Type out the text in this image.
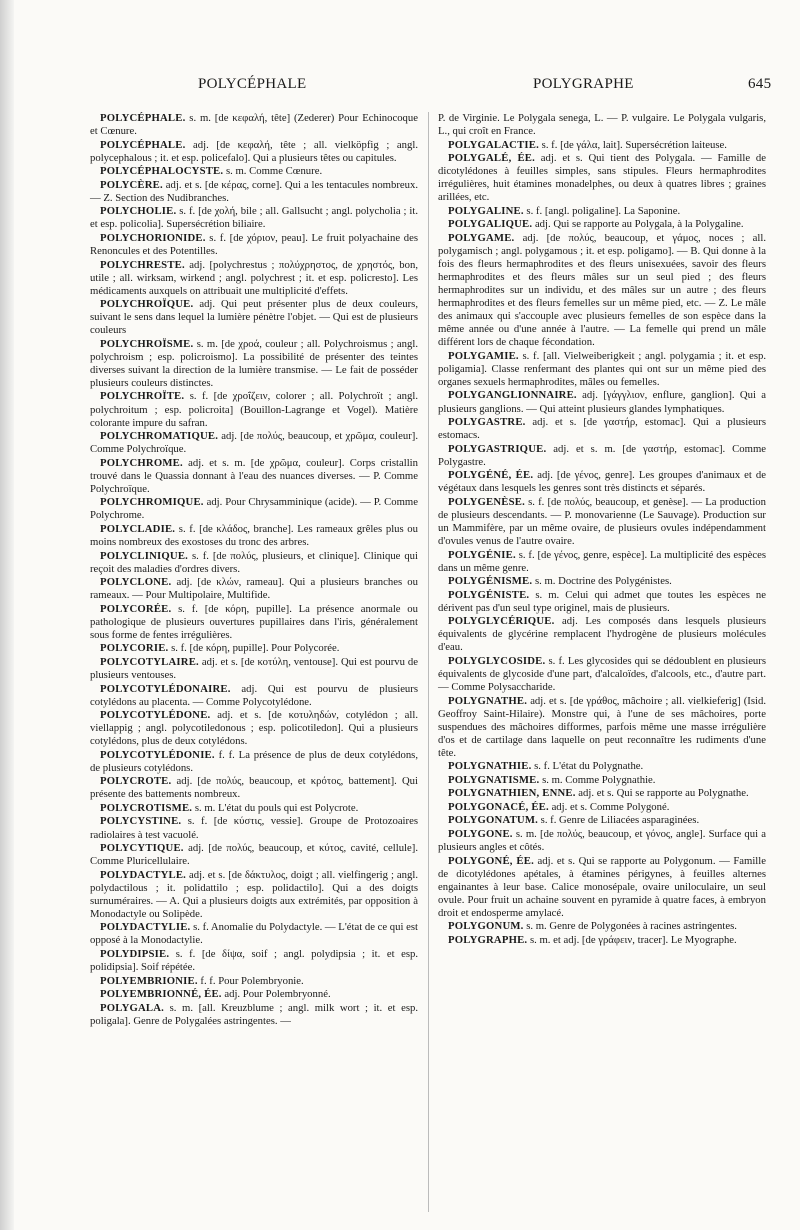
POLYCÉPHALE	POLYGRAPHE	645

POLYCÉPHALE. s. m. [de κεφαλή, tête] (Zederer) Pour Echinocoque et Cœnure.

POLYCÉPHALE. adj. [de κεφαλή, tête ; all. vielköpfig ; angl. polycephalous ; it. et esp. policefalo]. Qui a plusieurs têtes ou capitules.

POLYCÉPHALOCYSTE. s. m. Comme Cœnure.

POLYCÈRE. adj. et s. [de κέρας, corne]. Qui a les tentacules nombreux. — Z. Section des Nudibranches.

POLYCHOLIE. s. f. [de χολή, bile ; all. Gallsucht ; angl. polycholia ; it. et esp. policolia]. Supersécrétion biliaire.

POLYCHORIONIDE. s. f. [de χόριον, peau]. Le fruit polyachaine des Renoncules et des Potentilles.

POLYCHRESTE. adj. [polychrestus ; πολύχρηστος, de χρηστός, bon, utile ; all. wirksam, wirkend ; angl. polychrest ; it. et esp. policresto]. Les médicaments auxquels on attribuait une multiplicité d'effets.

POLYCHROÏQUE. adj. Qui peut présenter plus de deux couleurs, suivant le sens dans lequel la lumière pénètre l'objet. — Qui est de plusieurs couleurs

POLYCHROÏSME. s. m. [de χροά, couleur ; all. Polychroismus ; angl. polychroism ; esp. policroismo]. La possibilité de présenter des teintes diverses suivant la direction de la lumière transmise. — Le fait de posséder plusieurs couleurs distinctes.

POLYCHROÏTE. s. f. [de χροΐζειν, colorer ; all. Polychroït ; angl. polychroitum ; esp. policroita] (Bouillon-Lagrange et Vogel). Matière colorante impure du safran.

POLYCHROMATIQUE. adj. [de πολύς, beaucoup, et χρῶμα, couleur]. Comme Polychroïque.

POLYCHROME. adj. et s. m. [de χρῶμα, couleur]. Corps cristallin trouvé dans le Quassia donnant à l'eau des nuances diverses. — P. Comme Polychroïque.

POLYCHROMIQUE. adj. Pour Chrysamminique (acide). — P. Comme Polychrome.

POLYCLADIE. s. f. [de κλάδος, branche]. Les rameaux grêles plus ou moins nombreux des exostoses du tronc des arbres.

POLYCLINIQUE. s. f. [de πολύς, plusieurs, et clinique]. Clinique qui reçoit des maladies d'ordres divers.

POLYCLONE. adj. [de κλών, rameau]. Qui a plusieurs branches ou rameaux. — Pour Multipolaire, Multifide.

POLYCORÉE. s. f. [de κόρη, pupille]. La présence anormale ou pathologique de plusieurs ouvertures pupillaires dans l'iris, généralement sous forme de fentes irrégulières.

POLYCORIE. s. f. [de κόρη, pupille]. Pour Polycorée.

POLYCOTYLAIRE. adj. et s. [de κοτύλη, ventouse]. Qui est pourvu de plusieurs ventouses.

POLYCOTYLÉDONAIRE. adj. Qui est pourvu de plusieurs cotylédons au placenta. — Comme Polycotylédone.

POLYCOTYLÉDONE. adj. et s. [de κοτυληδών, cotylédon ; all. viellappig ; angl. polycotiledonous ; esp. policotiledon]. Qui a plusieurs cotylédons, plus de deux cotylédons.

POLYCOTYLÉDONIE. f. f. La présence de plus de deux cotylédons, de plusieurs cotylédons.

POLYCROTE. adj. [de πολύς, beaucoup, et κρότος, battement]. Qui présente des battements nombreux.

POLYCROTISME. s. m. L'état du pouls qui est Polycrote.

POLYCYSTINE. s. f. [de κύστις, vessie]. Groupe de Protozoaires radiolaires à test vacuolé.

POLYCYTIQUE. adj. [de πολύς, beaucoup, et κύτος, cavité, cellule]. Comme Pluricellulaire.

POLYDACTYLE. adj. et s. [de δάκτυλος, doigt ; all. vielfingerig ; angl. polydactilous ; it. polidattilo ; esp. polidactilo]. Qui a des doigts surnuméraires. — A. Qui a plusieurs doigts aux extrémités, par opposition à Monodactyle ou Solipède.

POLYDACTYLIE. s. f. Anomalie du Polydactyle. — L'état de ce qui est opposé à la Monodactylie.

POLYDIPSIE. s. f. [de δίψα, soif ; angl. polydipsia ; it. et esp. polidipsia]. Soif répétée.

POLYEMBRIONIE. f. f. Pour Polembryonie.

POLYEMBRIONNÉ, ÉE. adj. Pour Polembryonné.

POLYGALA. s. m. [all. Kreuzblume ; angl. milk wort ; it. et esp. poligala]. Genre de Polygalées astringentes. —

P. de Virginie. Le Polygala senega, L. — P. vulgaire. Le Polygala vulgaris, L., qui croît en France.

POLYGALACTIE. s. f. [de γάλα, lait]. Supersécrétion laiteuse.

POLYGALÉ, ÉE. adj. et s. Qui tient des Polygala. — Famille de dicotylédones à feuilles simples, sans stipules. Fleurs hermaphrodites irrégulières, huit étamines monadelphes, ou deux à quatres libres ; graines arillées, etc.

POLYGALINE. s. f. [angl. poligaline]. La Saponine.

POLYGALIQUE. adj. Qui se rapporte au Polygala, à la Polygaline.

POLYGAME. adj. [de πολύς, beaucoup, et γάμος, noces ; all. polygamisch ; angl. polygamous ; it. et esp. poligamo]. — B. Qui donne à la fois des fleurs hermaphrodites et des fleurs unisexuées, savoir des fleurs hermaphrodites et des fleurs mâles sur un seul pied ; des fleurs hermaphrodites sur un individu, et des mâles sur un autre ; des fleurs hermaphrodites et des fleurs femelles sur un même pied, etc. — Z. Le mâle des animaux qui s'accouple avec plusieurs femelles de son espèce dans la même année ou d'une année à l'autre. — La femelle qui prend un mâle différent lors de chaque fécondation.

POLYGAMIE. s. f. [all. Vielweiberigkeit ; angl. polygamia ; it. et esp. poligamia]. Classe renfermant des plantes qui ont sur un même pied des organes sexuels hermaphrodites, mâles ou femelles.

POLYGANGLIONNAIRE. adj. [γάγγλιον, enflure, ganglion]. Qui a plusieurs ganglions. — Qui atteint plusieurs glandes lymphatiques.

POLYGASTRE. adj. et s. [de γαστήρ, estomac]. Qui a plusieurs estomacs.

POLYGASTRIQUE. adj. et s. m. [de γαστήρ, estomac]. Comme Polygastre.

POLYGÉNÉ, ÉE. adj. [de γένος, genre]. Les groupes d'animaux et de végétaux dans lesquels les genres sont très distincts et séparés.

POLYGENÈSE. s. f. [de πολύς, beaucoup, et genèse]. — La production de plusieurs descendants. — P. monovarienne (Le Sauvage). Production sur un Mammifère, par un même ovaire, de plusieurs ovules indépendamment d'ovules venus de l'autre ovaire.

POLYGÉNIE. s. f. [de γένος, genre, espèce]. La multiplicité des espèces dans un même genre.

POLYGÉNISME. s. m. Doctrine des Polygénistes.

POLYGÉNISTE. s. m. Celui qui admet que toutes les espèces ne dérivent pas d'un seul type originel, mais de plusieurs.

POLYGLYCÉRIQUE. adj. Les composés dans lesquels plusieurs équivalents de glycérine remplacent l'hydrogène de plusieurs molécules d'eau.

POLYGLYCOSIDE. s. f. Les glycosides qui se dédoublent en plusieurs équivalents de glycoside d'une part, d'alcaloïdes, d'alcools, etc., d'autre part. — Comme Polysaccharide.

POLYGNATHE. adj. et s. [de γράθος, mâchoire ; all. vielkieferig] (Isid. Geoffroy Saint-Hilaire). Monstre qui, à l'une de ses mâchoires, porte suspendues des mâchoires difformes, parfois même une masse irrégulière d'os et de cartilage dans laquelle on peut reconnaître les rudiments d'une tête.

POLYGNATHIE. s. f. L'état du Polygnathe.

POLYGNATISME. s. m. Comme Polygnathie.

POLYGNATHIEN, ENNE. adj. et s. Qui se rapporte au Polygnathe.

POLYGONACÉ, ÉE. adj. et s. Comme Polygoné.

POLYGONATUM. s. f. Genre de Liliacées asparaginées.

POLYGONE. s. m. [de πολύς, beaucoup, et γόνος, angle]. Surface qui a plusieurs angles et côtés.

POLYGONÉ, ÉE. adj. et s. Qui se rapporte au Polygonum. — Famille de dicotylédones apétales, à étamines périgynes, à feuilles alternes engainantes à leur base. Calice monosépale, ovaire uniloculaire, un seul ovule. Pour fruit un achaine souvent en pyramide à quatre faces, à embryon droit et endosperme amylacé.

POLYGONUM. s. m. Genre de Polygonées à racines astringentes.

POLYGRAPHE. s. m. et adj. [de γράφειν, tracer]. Le Myographe.
